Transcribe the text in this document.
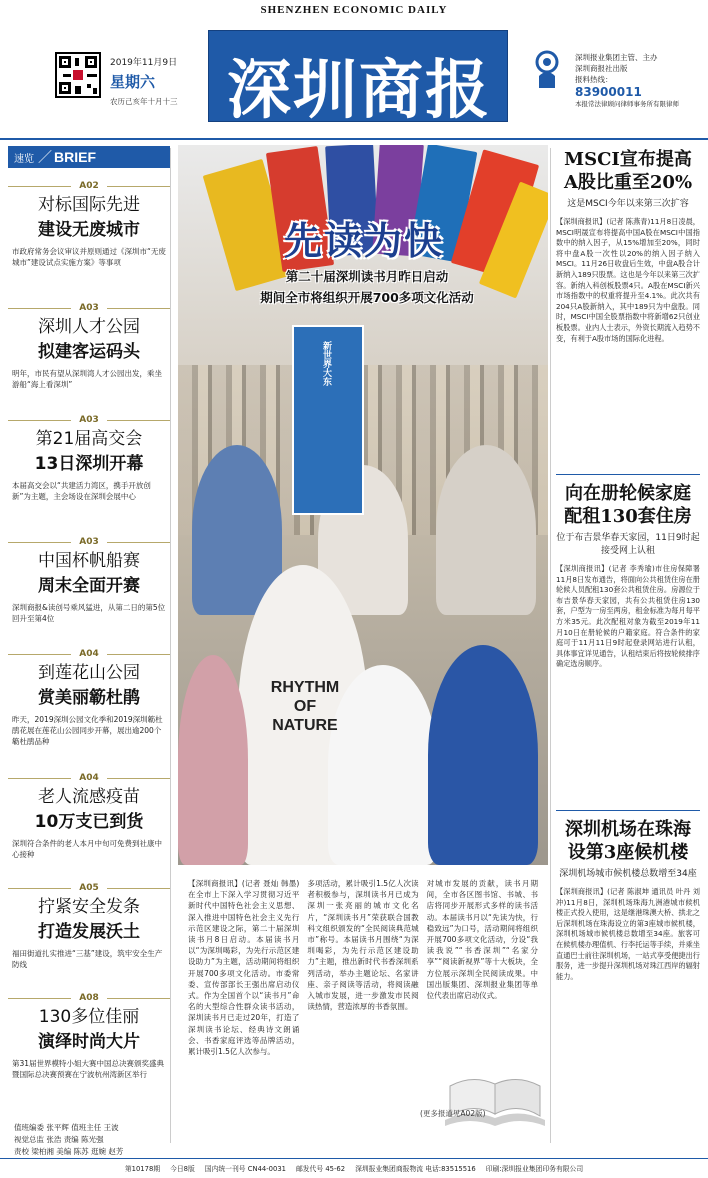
SHENZHEN ECONOMIC DAILY
2019年11月9日
星期六
农历己亥年十月十三 深圳商报	深圳报业集团主管、主办
深圳商报社出版
报料热线：
83900011
本报常法律顾问律师事务所有限律师
速览 ／ BRIEF
A02
对标国际先进
建设无废城市
市政府常务会议审议并原则通过《深圳市“无废城市”建设试点实施方案》等事项
A03
深圳人才公园
拟建客运码头
明年，市民有望从深圳湾人才公园出发，乘坐游船“海上看深圳”
A03
第21届高交会
13日深圳开幕
本届高交会以“共建活力湾区，携手开放创新”为主题，主会场设在深圳会展中心
A03
中国杯帆船赛
周末全面开赛
深圳商报&读创号乘风猛进，从第二日的第5位回升至第4位
A04
到莲花山公园
赏美丽簕杜鹃
昨天，2019深圳公园文化季和2019深圳簕杜鹃花展在莲花山公园同步开幕，展出逾200个簕杜鹃品种
A04
老人流感疫苗
10万支已到货
深圳符合条件的老人本月中旬可免费到社康中心接种
A05
拧紧安全发条
打造发展沃土
福田街道扎实推进“三基”建设，筑牢安全生产防线
A08
130多位佳丽
演绎时尚大片
第31届世界模特小姐大赛中国总决赛颁奖盛典暨国际总决赛预赛在宁波杭州湾新区举行
新世界大东
先读为快
第二十届深圳读书月昨日启动
期间全市将组织开展700多项文化活动
RHYTHM OF NATURE
【深圳商报讯】(记者 聂灿 韩墨)在全市上下深入学习贯彻习近平新时代中国特色社会主义思想、深入推进中国特色社会主义先行示范区建设之际，第二十届深圳读书月8日启动。本届读书月以“为深圳喝彩，为先行示范区建设助力”为主题，活动期间将组织开展700多项文化活动。市委常委、宣传部部长王强出席启动仪式。作为全国首个以“读书月”命名的大型综合性群众读书活动，深圳读书月已走过20年，打造了深圳读书论坛、经典诗文朗诵会、书香家庭评选等品牌活动，累计吸引1.5亿人次参与。
多项活动，累计吸引1.5亿人次读者积极参与，深圳读书月已成为深圳一张亮丽的城市文化名片，“深圳读书月”荣获联合国教科文组织颁发的“全民阅读典范城市”称号。本届读书月围绕“为深圳喝彩，为先行示范区建设助力”主题，推出新时代书香深圳系列活动，举办主题论坛、名家讲座、亲子阅读等活动，将阅读融入城市发展，进一步激发市民阅读热情，营造浓厚的书香氛围。
对城市发展的贡献，读书月期间，全市各区图书馆、书城、书店将同步开展形式多样的读书活动。本届读书月以“先读为快，行稳致远”为口号，活动期间将组织开展700多项文化活动，分设“我读我说”“书香深圳”“名家分享”“阅读新视界”等十大板块，全方位展示深圳全民阅读成果。中国出版集团、深圳报业集团等单位代表出席启动仪式。
(更多报道见A02版)
MSCI宣布提高
A股比重至20%
这是MSCI今年以来第三次扩容
【深圳商报讯】(记者 陈燕青)11月8日凌晨，MSCI明晟宣布将提高中国A股在MSCI中国指数中的纳入因子，从15%增加至20%，同时将中盘A股一次性以20%的纳入因子纳入MSCI。11月26日收盘后生效，中盘A股合计新纳入189只股票。这也是今年以来第三次扩容。新纳入科创板股票4只。A股在MSCI新兴市场指数中的权重将提升至4.1%。此次共有204只A股新纳入，其中189只为中盘股。同时，MSCI中国全股票指数中将新增62只创业板股票。业内人士表示，外资长期流入趋势不变，有利于A股市场的国际化进程。
向在册轮候家庭
配租130套住房
位于布吉景华春天家园，11日9时起接受网上认租
【深圳商报讯】(记者 李秀瑜)市住房保障署11月8日发布通告，将面向公共租赁住房在册轮候人员配租130套公共租赁住房。房源位于布吉景华春天家园，共有公共租赁住房130套，户型为一房至两房，租金标准为每月每平方米35元。此次配租对象为截至2019年11月10日在册轮候的户籍家庭。符合条件的家庭可于11月11日9时起登录网站进行认租，具体事宜详见通告，认租结束后将按轮候排序确定选房顺序。
深圳机场在珠海
设第3座候机楼
深圳机场城市候机楼总数增至34座
【深圳商报讯】(记者 陈淑坤 通讯员 叶丹 刘冲)11月8日，深圳机场珠海九洲港城市候机楼正式投入使用，这是继港珠澳大桥、拱北之后深圳机场在珠海设立的第3座城市候机楼，深圳机场城市候机楼总数增至34座。旅客可在候机楼办理值机、行李托运等手续，并乘坐直通巴士前往深圳机场，一站式享受便捷出行服务，进一步提升深圳机场对珠江西岸的辐射能力。
值班编委 张平辉 值班主任 王波
视觉总监 张浩 责编 陈光强
责校 梁柏湘 美编 陈苏 逛婉 赵芳
第10178期 今日8版 国内统一刊号 CN44-0031 邮发代号 45-62 深圳报业集团商报物流 电话:83515516 印刷:深圳报业集团印务有限公司
